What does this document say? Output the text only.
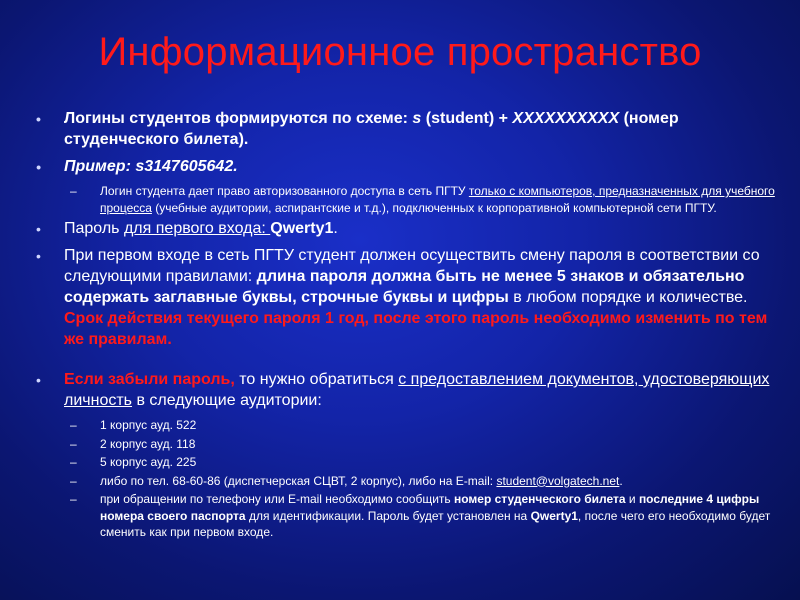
Информационное пространство
• Логины студентов формируются по схеме: s (student) + XXXXXXXXXX (номер студенческого билета).
• Пример: s3147605642.
– Логин студента дает право авторизованного доступа в сеть ПГТУ только с компьютеров, предназначенных для учебного процесса (учебные аудитории, аспирантские и т.д.), подключенных к корпоративной компьютерной сети ПГТУ.
• Пароль для первого входа: Qwerty1.
• При первом входе в сеть ПГТУ студент должен осуществить смену пароля в соответствии со следующими правилами: длина пароля должна быть не менее 5 знаков и обязательно содержать заглавные буквы, строчные буквы и цифры в любом порядке и количестве. Срок действия текущего пароля 1 год, после этого пароль необходимо изменить по тем же правилам.
• Если забыли пароль, то нужно обратиться с предоставлением документов, удостоверяющих личность в следующие аудитории:
– 1 корпус ауд. 522
– 2 корпус ауд. 118
– 5 корпус ауд. 225
– либо по тел. 68-60-86 (диспетчерская СЦВТ, 2 корпус), либо на E-mail: student@volgatech.net.
– при обращении по телефону или E-mail необходимо сообщить номер студенческого билета и последние 4 цифры номера своего паспорта для идентификации. Пароль будет установлен на Qwerty1, после чего его необходимо будет сменить как при первом входе.
